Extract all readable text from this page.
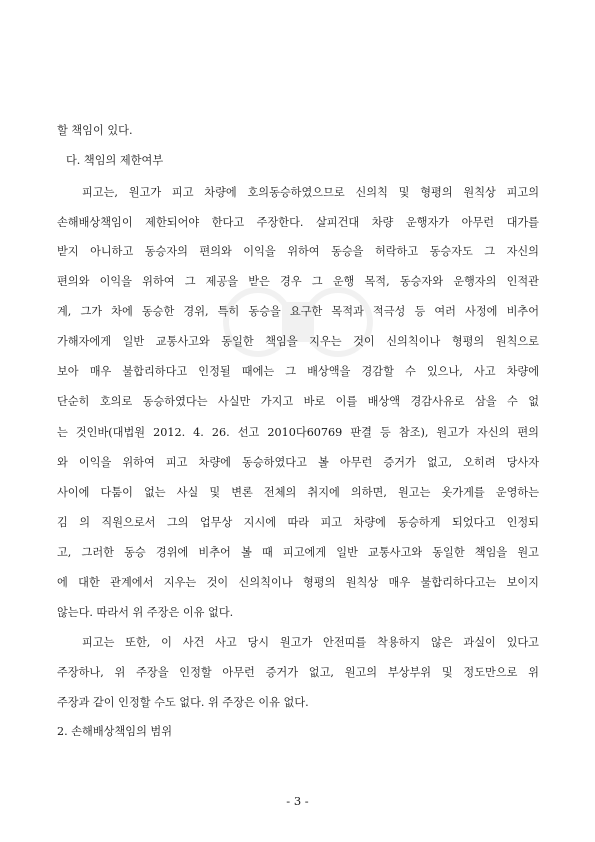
할 책임이 있다.
다. 책임의 제한여부
피고는, 원고가 피고 차량에 호의동승하였으므로 신의칙 및 형평의 원칙상 피고의
손해배상책임이 제한되어야 한다고 주장한다. 살피건대 차량 운행자가 아무런 대가를
받지 아니하고 동승자의 편의와 이익을 위하여 동승을 허락하고 동승자도 그 자신의
편의와 이익을 위하여 그 제공을 받은 경우 그 운행 목적, 동승자와 운행자의 인적관
계, 그가 차에 동승한 경위, 특히 동승을 요구한 목적과 적극성 등 여러 사정에 비추어
가해자에게 일반 교통사고와 동일한 책임을 지우는 것이 신의칙이나 형평의 원칙으로
보아 매우 불합리하다고 인정될 때에는 그 배상액을 경감할 수 있으나, 사고 차량에
단순히 호의로 동승하였다는 사실만 가지고 바로 이를 배상액 경감사유로 삼을 수 없
는 것인바(대법원 2012. 4. 26. 선고 2010다60769 판결 등 참조), 원고가 자신의 편의
와 이익을 위하여 피고 차량에 동승하였다고 볼 아무런 증거가 없고, 오히려 당사자
사이에 다툼이 없는 사실 및 변론 전체의 취지에 의하면, 원고는 옷가게를 운영하는
김 의 직원으로서 그의 업무상 지시에 따라 피고 차량에 동승하게 되었다고 인정되
고, 그러한 동승 경위에 비추어 볼 때 피고에게 일반 교통사고와 동일한 책임을 원고
에 대한 관계에서 지우는 것이 신의칙이나 형평의 원칙상 매우 불합리하다고는 보이지
않는다. 따라서 위 주장은 이유 없다.
피고는 또한, 이 사건 사고 당시 원고가 안전띠를 착용하지 않은 과실이 있다고
주장하나, 위 주장을 인정할 아무런 증거가 없고, 원고의 부상부위 및 정도만으로 위
주장과 같이 인정할 수도 없다. 위 주장은 이유 없다.
2. 손해배상책임의 범위
- 3 -
